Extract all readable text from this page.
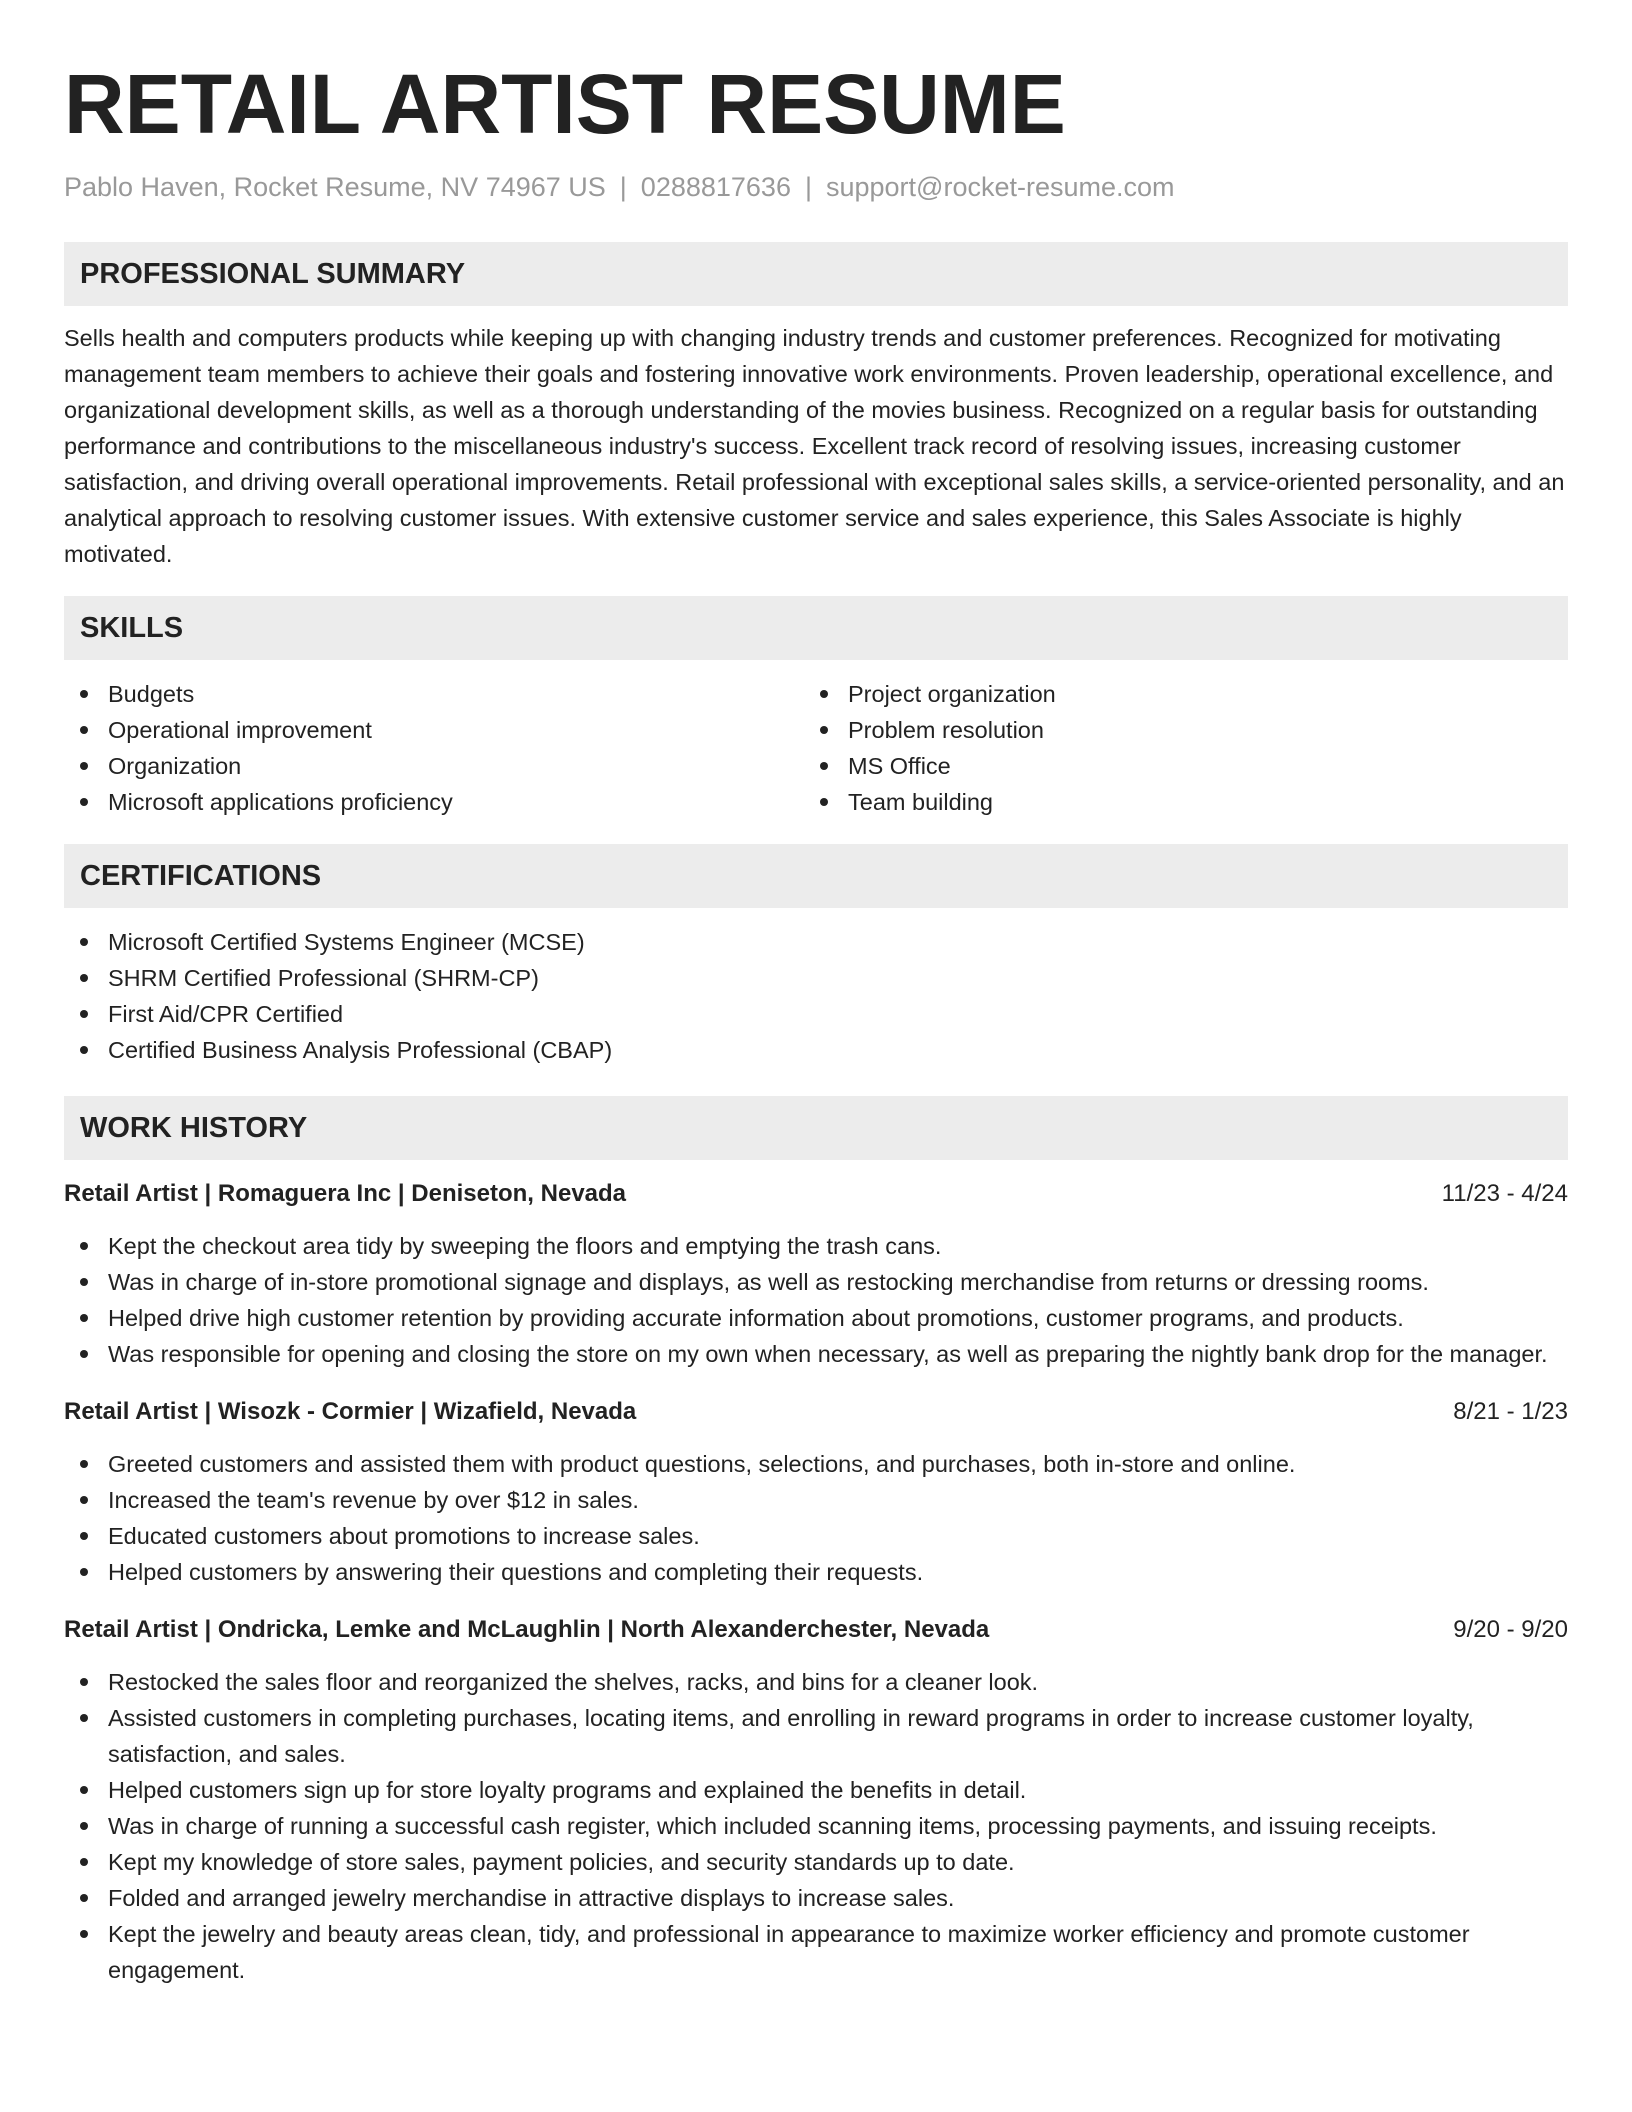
RETAIL ARTIST RESUME
Pablo Haven, Rocket Resume, NV 74967 US | 0288817636 | support@rocket-resume.com
PROFESSIONAL SUMMARY
Sells health and computers products while keeping up with changing industry trends and customer preferences. Recognized for motivating management team members to achieve their goals and fostering innovative work environments. Proven leadership, operational excellence, and organizational development skills, as well as a thorough understanding of the movies business. Recognized on a regular basis for outstanding performance and contributions to the miscellaneous industry's success. Excellent track record of resolving issues, increasing customer satisfaction, and driving overall operational improvements. Retail professional with exceptional sales skills, a service-oriented personality, and an analytical approach to resolving customer issues. With extensive customer service and sales experience, this Sales Associate is highly motivated.
SKILLS
Budgets
Operational improvement
Organization
Microsoft applications proficiency
Project organization
Problem resolution
MS Office
Team building
CERTIFICATIONS
Microsoft Certified Systems Engineer (MCSE)
SHRM Certified Professional (SHRM-CP)
First Aid/CPR Certified
Certified Business Analysis Professional (CBAP)
WORK HISTORY
Retail Artist | Romaguera Inc | Deniseton, Nevada	11/23 - 4/24
Kept the checkout area tidy by sweeping the floors and emptying the trash cans.
Was in charge of in-store promotional signage and displays, as well as restocking merchandise from returns or dressing rooms.
Helped drive high customer retention by providing accurate information about promotions, customer programs, and products.
Was responsible for opening and closing the store on my own when necessary, as well as preparing the nightly bank drop for the manager.
Retail Artist | Wisozk - Cormier | Wizafield, Nevada	8/21 - 1/23
Greeted customers and assisted them with product questions, selections, and purchases, both in-store and online.
Increased the team's revenue by over $12 in sales.
Educated customers about promotions to increase sales.
Helped customers by answering their questions and completing their requests.
Retail Artist | Ondricka, Lemke and McLaughlin | North Alexanderchester, Nevada	9/20 - 9/20
Restocked the sales floor and reorganized the shelves, racks, and bins for a cleaner look.
Assisted customers in completing purchases, locating items, and enrolling in reward programs in order to increase customer loyalty, satisfaction, and sales.
Helped customers sign up for store loyalty programs and explained the benefits in detail.
Was in charge of running a successful cash register, which included scanning items, processing payments, and issuing receipts.
Kept my knowledge of store sales, payment policies, and security standards up to date.
Folded and arranged jewelry merchandise in attractive displays to increase sales.
Kept the jewelry and beauty areas clean, tidy, and professional in appearance to maximize worker efficiency and promote customer engagement.
